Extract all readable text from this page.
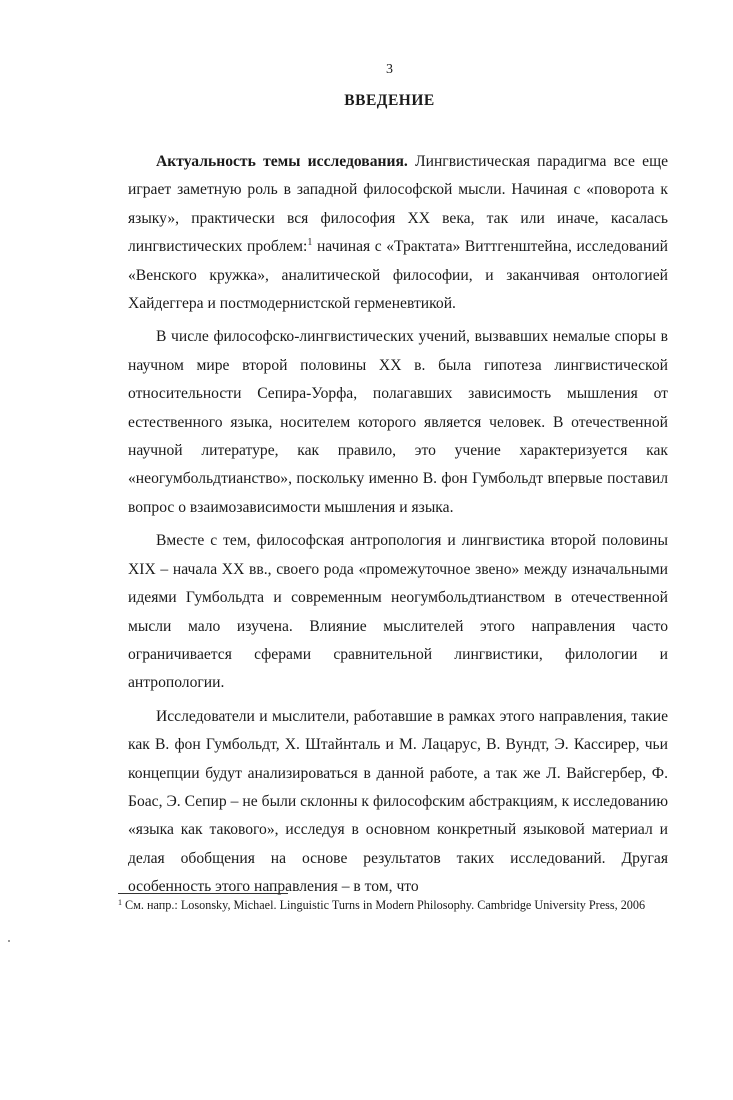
3
ВВЕДЕНИЕ

Актуальность темы исследования. Лингвистическая парадигма все еще играет заметную роль в западной философской мысли. Начиная с «поворота к языку», практически вся философия XX века, так или иначе, касалась лингвистических проблем:$^1$ начиная с «Трактата» Виттгенштейна, исследований «Венского кружка», аналитической философии, и заканчивая онтологией Хайдеггера и постмодернистской герменевтикой.

В числе философско-лингвистических учений, вызвавших немалые споры в научном мире второй половины XX в. была гипотеза лингвистической относительности Сепира-Уорфа, полагавших зависимость мышления от естественного языка, носителем которого является человек. В отечественной научной литературе, как правило, это учение характеризуется как «неогумбольдтианство», поскольку именно В. фон Гумбольдт впервые поставил вопрос о взаимозависимости мышления и языка.

Вместе с тем, философская антропология и лингвистика второй половины XIX – начала XX вв., своего рода «промежуточное звено» между изначальными идеями Гумбольдта и современным неогумбольдтианством в отечественной мысли мало изучена. Влияние мыслителей этого направления часто ограничивается сферами сравнительной лингвистики, филологии и антропологии.

Исследователи и мыслители, работавшие в рамках этого направления, такие как В. фон Гумбольдт, Х. Штайнталь и М. Лацарус, В. Вундт, Э. Кассирер, чьи концепции будут анализироваться в данной работе, а так же Л. Вайсгербер, Ф. Боас, Э. Сепир – не были склонны к философским абстракциям, к исследованию «языка как такового», исследуя в основном конкретный языковой материал и делая обобщения на основе результатов таких исследований. Другая особенность этого направления – в том, что

$^1$ См. напр.: Losonsky, Michael. Linguistic Turns in Modern Philosophy. Cambridge University Press, 2006
